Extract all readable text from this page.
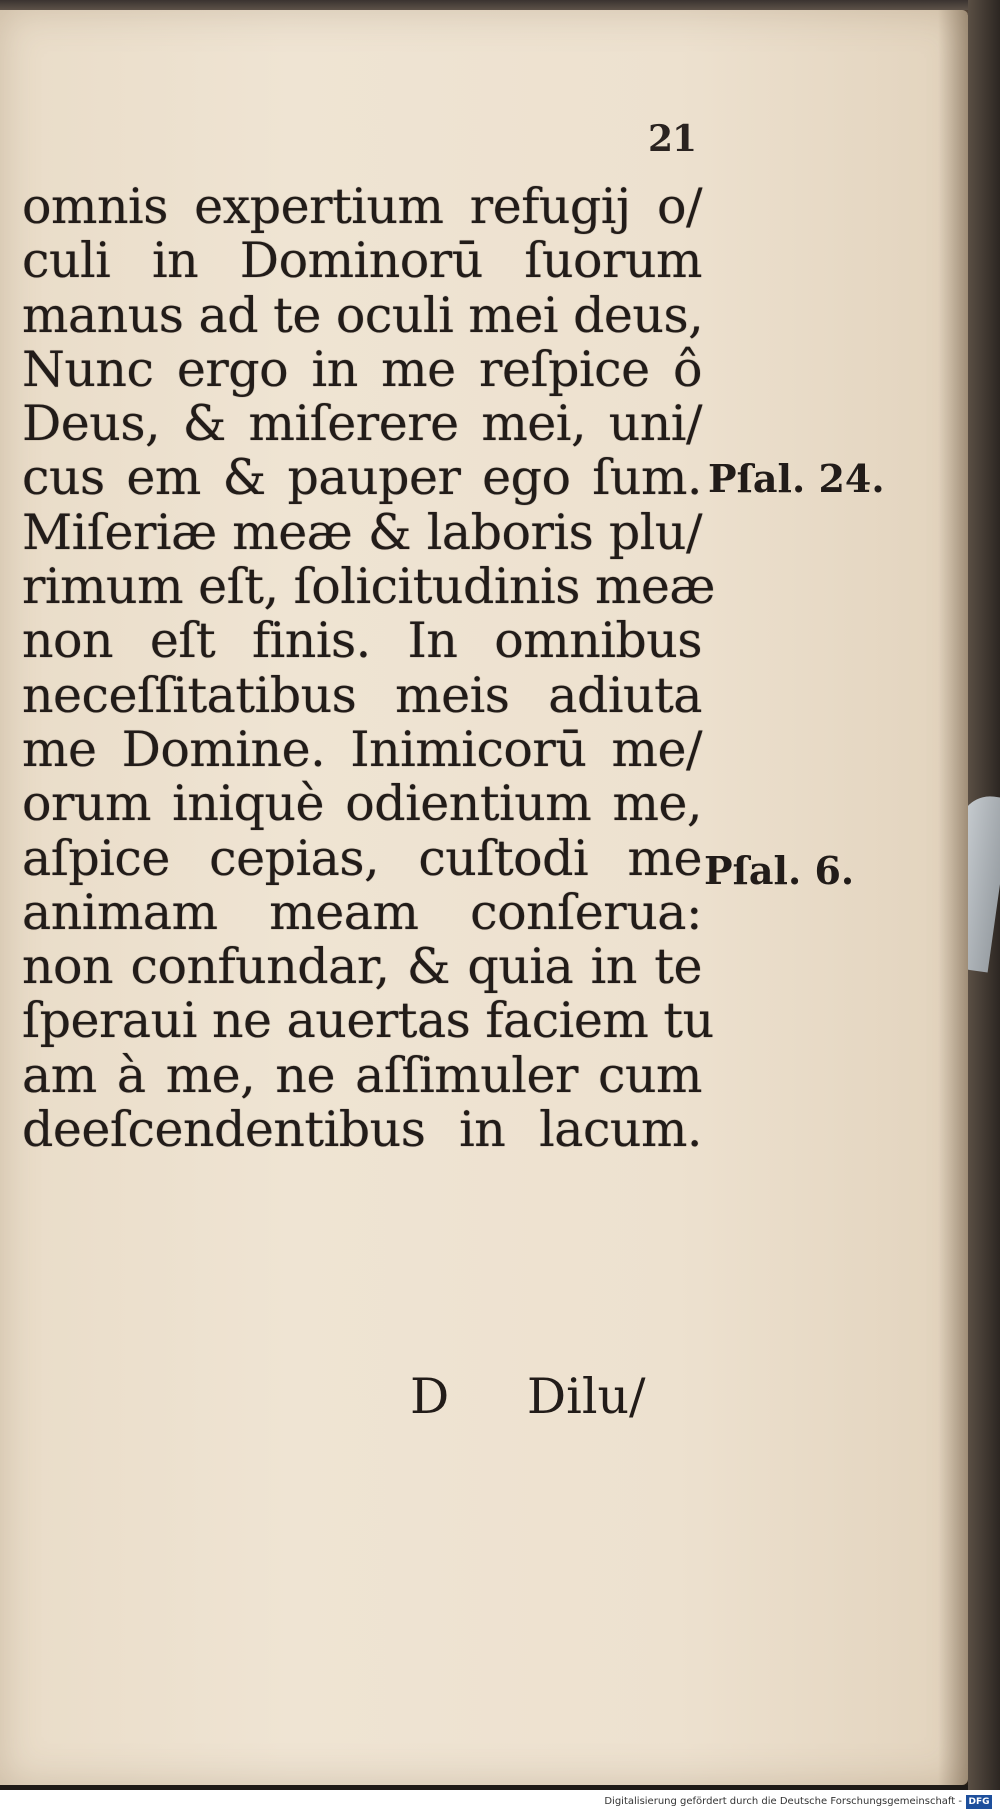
21
omnis expertium refugij o/
culi in Dominorū ſuorum
manus ad te oculi mei deus,
Nunc ergo in me reſpice ô
Deus, & miſerere mei, uni/
cus em & pauper ego ſum.
Miſeriæ meæ & laboris plu/
rimum eſt, ſolicitudinis meæ
non eſt finis. In omnibus
neceſſitatibus meis adiuta
me Domine. Inimicorū me/
orum iniquè odientium me,
aſpice cepias, cuſtodi me
animam meam conſerua:
non confundar, & quia in te
ſperaui ne auertas faciem tu
am à me, ne aſſimuler cum
deeſcendentibus in lacum.
D Dilu/
Pſal. 24.
Pſal. 6.
Digitalisierung gefördert durch die Deutsche Forschungsgemeinschaft - DFG
